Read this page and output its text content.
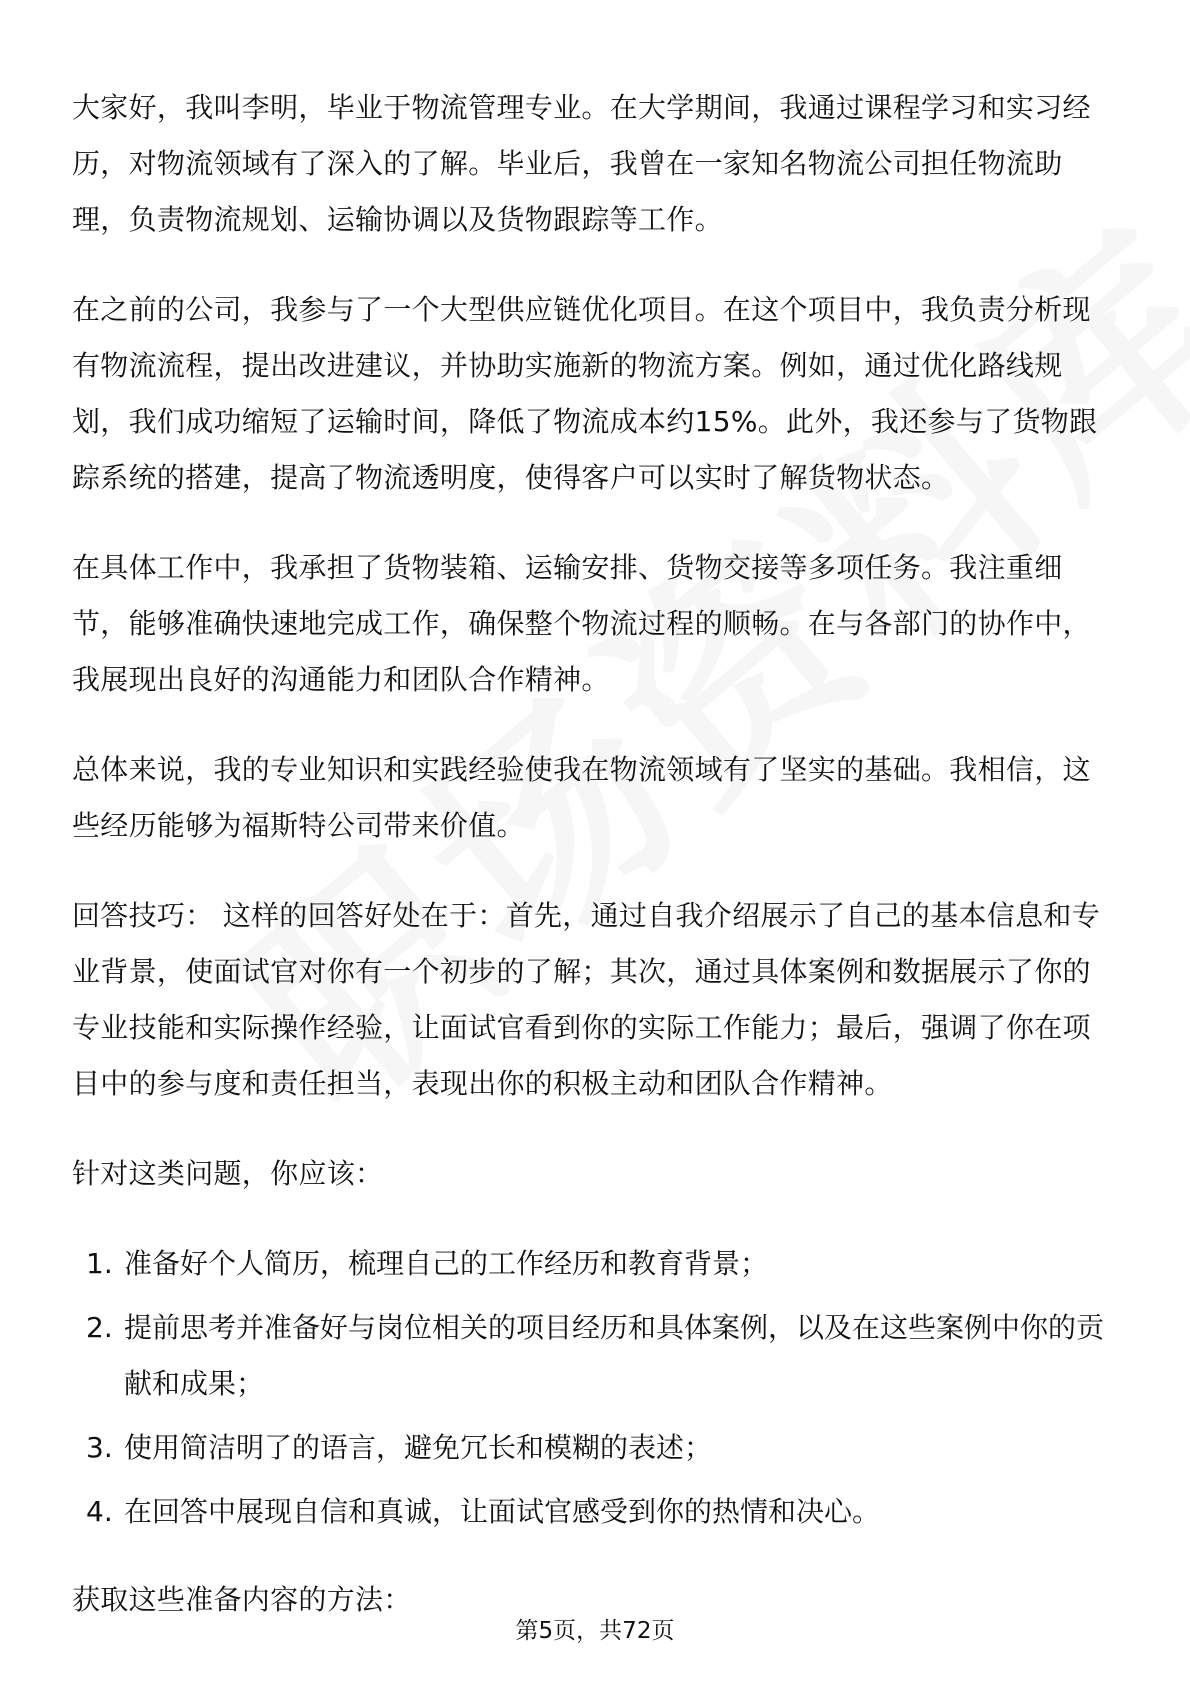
大家好，我叫李明，毕业于物流管理专业。在大学期间，我通过课程学习和实习经历，对物流领域有了深入的了解。毕业后，我曾在一家知名物流公司担任物流助理，负责物流规划、运输协调以及货物跟踪等工作。

在之前的公司，我参与了一个大型供应链优化项目。在这个项目中，我负责分析现有物流流程，提出改进建议，并协助实施新的物流方案。例如，通过优化路线规划，我们成功缩短了运输时间，降低了物流成本约15%。此外，我还参与了货物跟踪系统的搭建，提高了物流透明度，使得客户可以实时了解货物状态。

在具体工作中，我承担了货物装箱、运输安排、货物交接等多项任务。我注重细节，能够准确快速地完成工作，确保整个物流过程的顺畅。在与各部门的协作中，我展现出良好的沟通能力和团队合作精神。

总体来说，我的专业知识和实践经验使我在物流领域有了坚实的基础。我相信，这些经历能够为福斯特公司带来价值。

回答技巧： 这样的回答好处在于：首先，通过自我介绍展示了自己的基本信息和专业背景，使面试官对你有一个初步的了解；其次，通过具体案例和数据展示了你的专业技能和实际操作经验，让面试官看到你的实际工作能力；最后，强调了你在项目中的参与度和责任担当，表现出你的积极主动和团队合作精神。

针对这类问题，你应该：

1. 准备好个人简历，梳理自己的工作经历和教育背景；
2. 提前思考并准备好与岗位相关的项目经历和具体案例，以及在这些案例中你的贡献和成果；
3. 使用简洁明了的语言，避免冗长和模糊的表述；
4. 在回答中展现自信和真诚，让面试官感受到你的热情和决心。

获取这些准备内容的方法：

第5页，共72页
